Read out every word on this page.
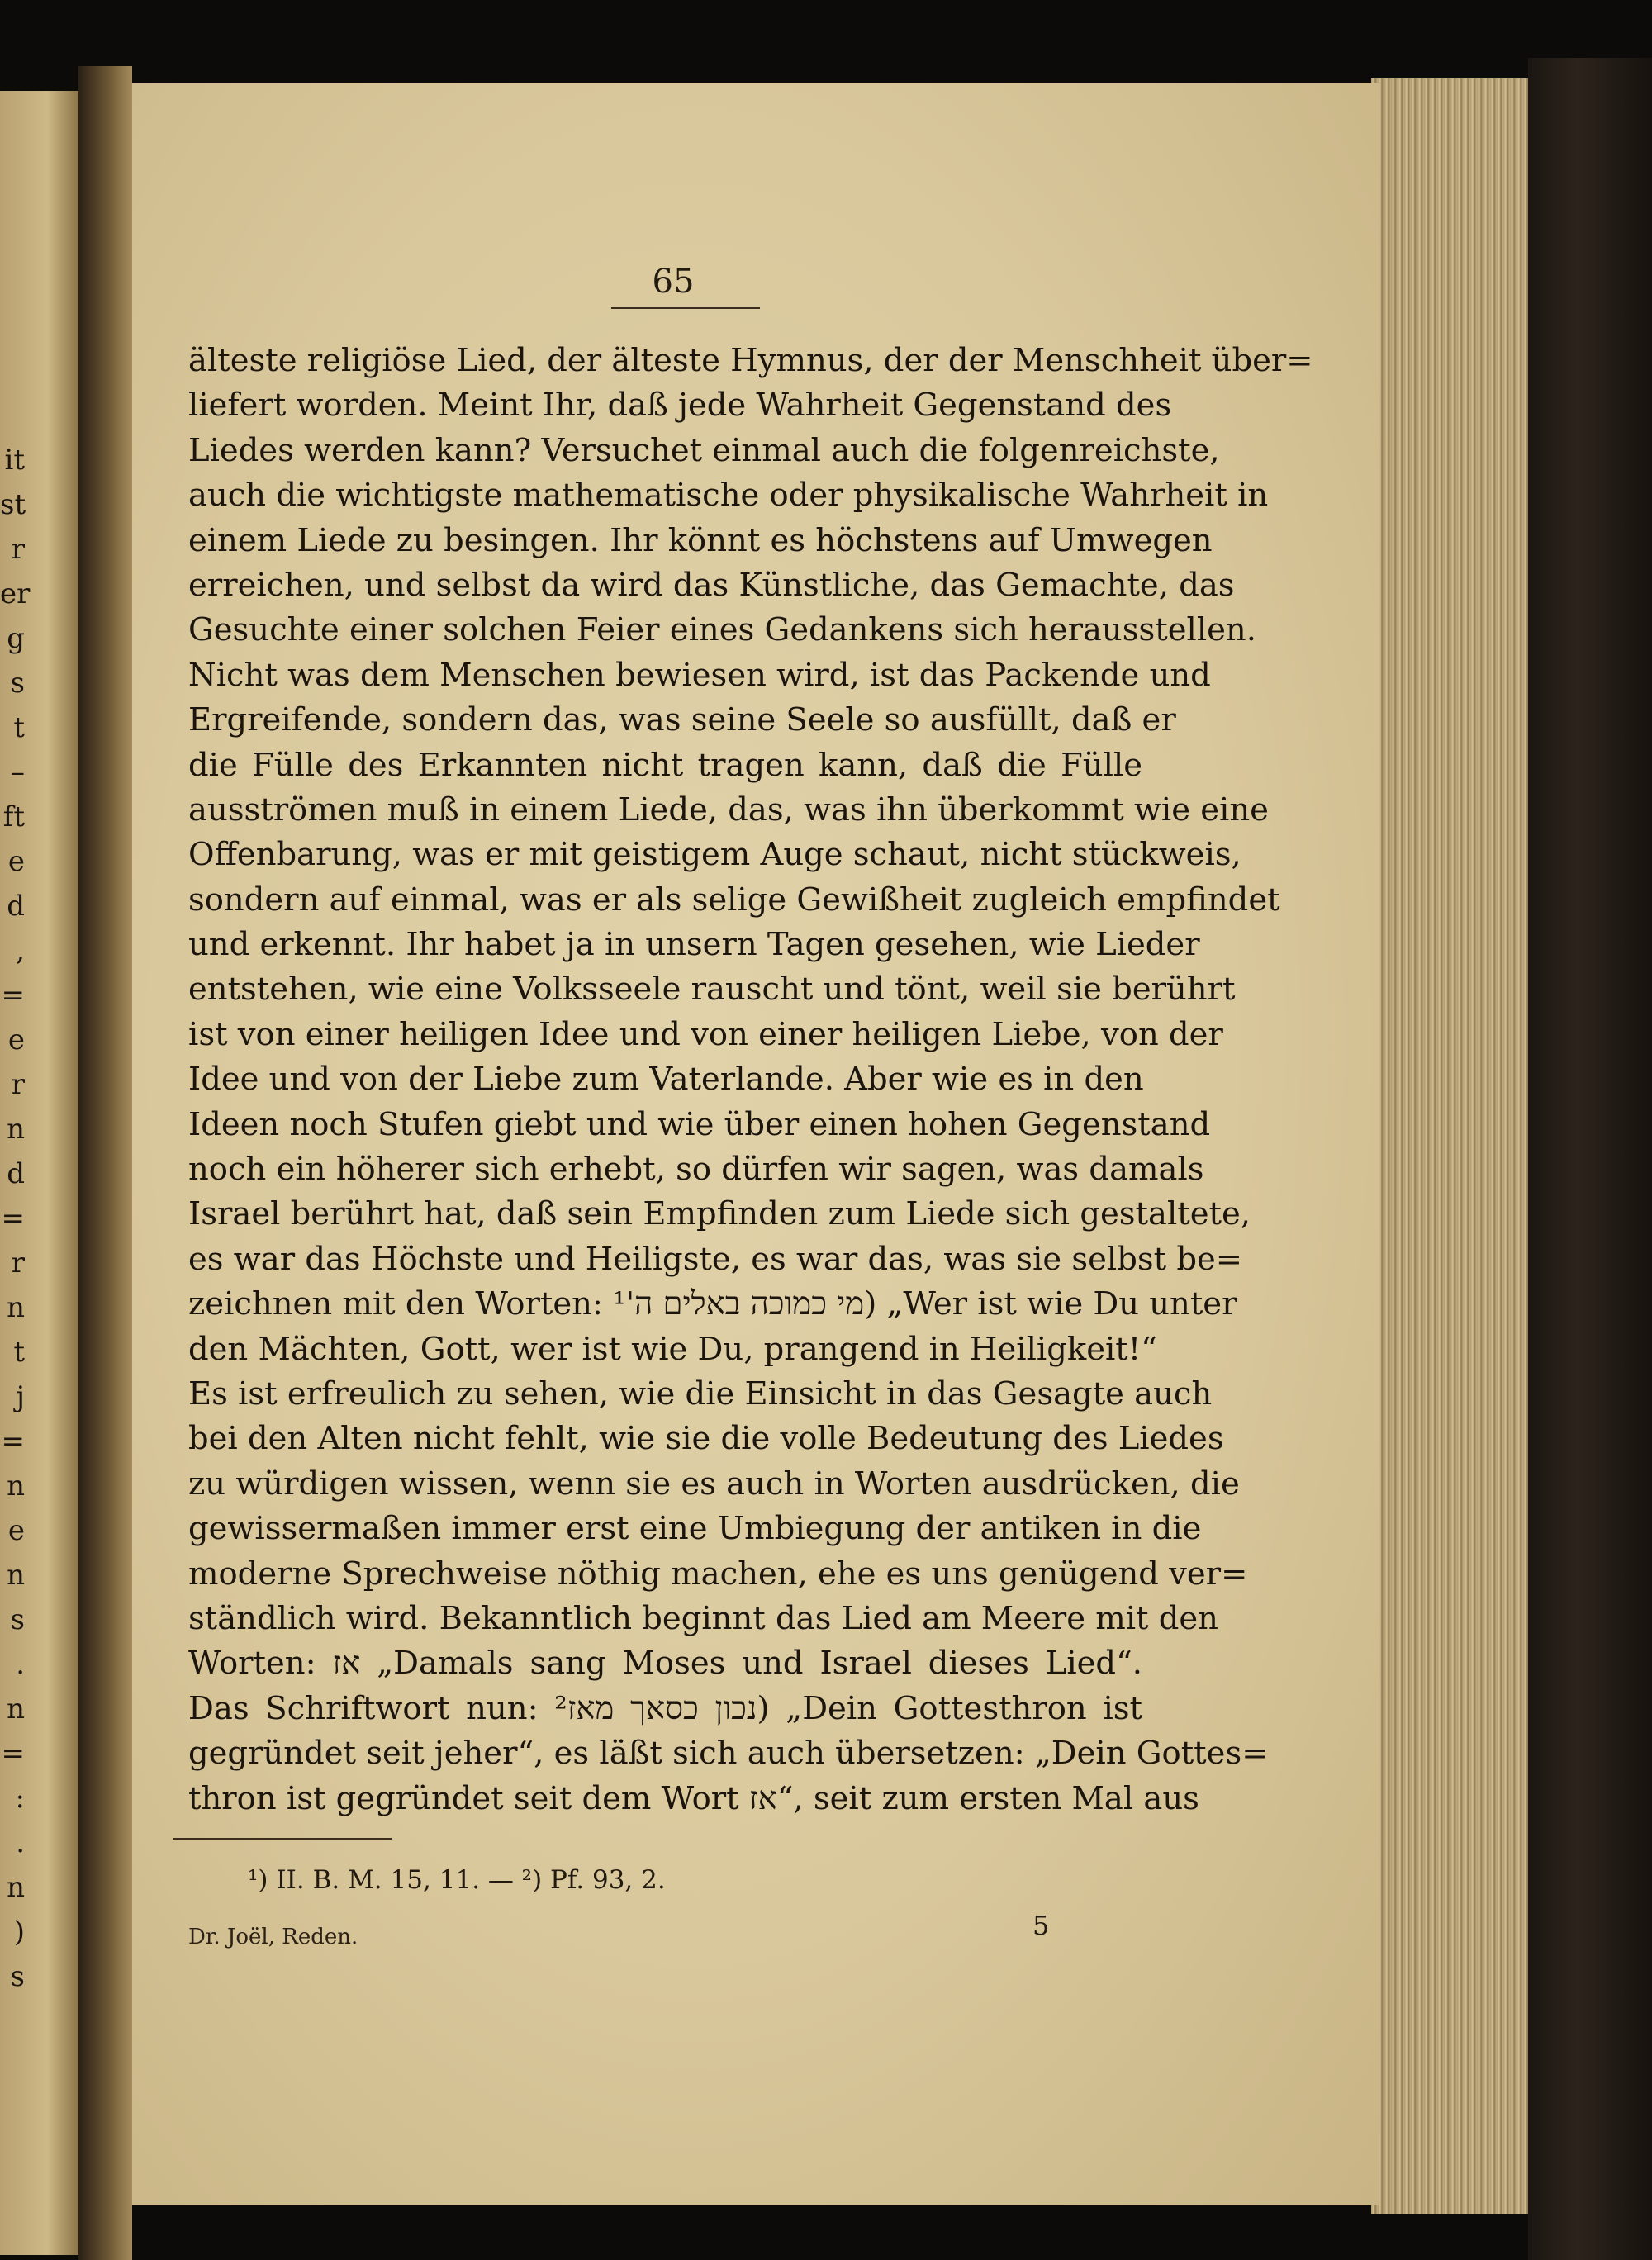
it
st
r
er
g
s
t
–
ft
e
d
,
=
e
r
n
d
=
r
n
t
j
=
n
e
n
s
.
n
=
:
.
n
)
s
65
älteste religiöse Lied, der älteste Hymnus, der der Menschheit über=
liefert worden. Meint Ihr, daß jede Wahrheit Gegenstand des
Liedes werden kann? Versuchet einmal auch die folgenreichste,
auch die wichtigste mathematische oder physikalische Wahrheit in
einem Liede zu besingen. Ihr könnt es höchstens auf Umwegen
erreichen, und selbst da wird das Künstliche, das Gemachte, das
Gesuchte einer solchen Feier eines Gedankens sich herausstellen.
Nicht was dem Menschen bewiesen wird, ist das Packende und
Ergreifende, sondern das, was seine Seele so ausfüllt, daß er
die Fülle des Erkannten nicht tragen kann, daß die Fülle
ausströmen muß in einem Liede, das, was ihn überkommt wie eine
Offenbarung, was er mit geistigem Auge schaut, nicht stückweis,
sondern auf einmal, was er als selige Gewißheit zugleich empfindet
und erkennt. Ihr habet ja in unsern Tagen gesehen, wie Lieder
entstehen, wie eine Volksseele rauscht und tönt, weil sie berührt
ist von einer heiligen Idee und von einer heiligen Liebe, von der
Idee und von der Liebe zum Vaterlande. Aber wie es in den
Ideen noch Stufen giebt und wie über einen hohen Gegenstand
noch ein höherer sich erhebt, so dürfen wir sagen, was damals
Israel berührt hat, daß sein Empfinden zum Liede sich gestaltete,
es war das Höchste und Heiligste, es war das, was sie selbst be=
zeichnen mit den Worten: מי כמוכה באלים ה'¹) „Wer ist wie Du unter
den Mächten, Gott, wer ist wie Du, prangend in Heiligkeit!“
Es ist erfreulich zu sehen, wie die Einsicht in das Gesagte auch
bei den Alten nicht fehlt, wie sie die volle Bedeutung des Liedes
zu würdigen wissen, wenn sie es auch in Worten ausdrücken, die
gewissermaßen immer erst eine Umbiegung der antiken in die
moderne Sprechweise nöthig machen, ehe es uns genügend ver=
ständlich wird. Bekanntlich beginnt das Lied am Meere mit den
Worten: אז „Damals sang Moses und Israel dieses Lied“.
Das Schriftwort nun: נכון כסאך מאז²) „Dein Gottesthron ist
gegründet seit jeher“, es läßt sich auch übersetzen: „Dein Gottes=
thron ist gegründet seit dem Wort אז“, seit zum ersten Mal aus
¹) II. B. M. 15, 11. — ²) Pf. 93, 2.
Dr. Joël, Reden.	5
